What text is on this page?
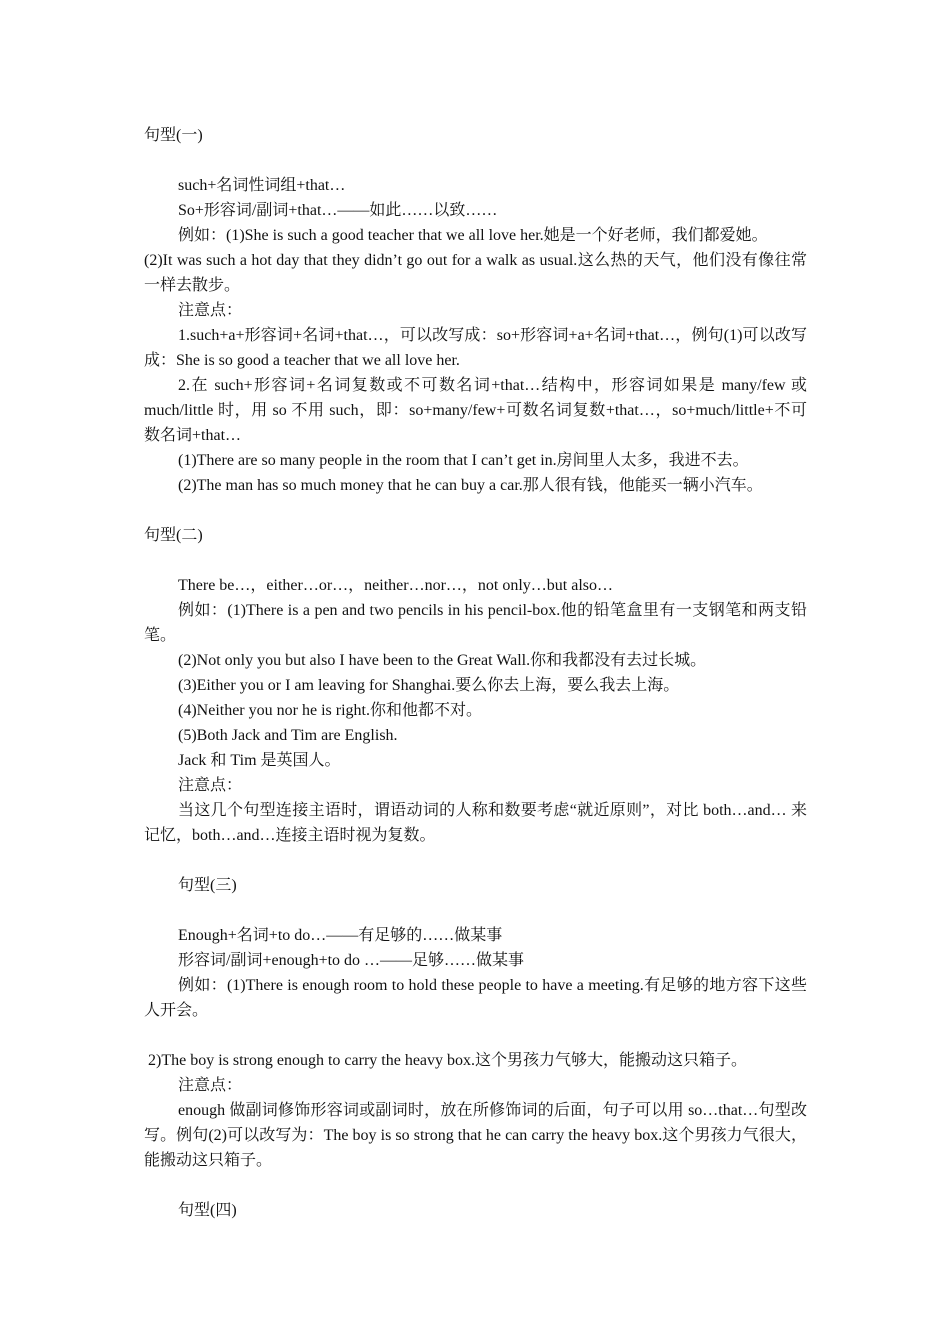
句型(一)

such+名词性词组+that…

So+形容词/副词+that…——如此……以致……

例如：(1)She is such a good teacher that we all love her.她是一个好老师，我们都爱她。

(2)It was such a hot day that they didn’t go out for a walk as usual.这么热的天气，他们没有像往常一样去散步。

注意点：

1.such+a+形容词+名词+that…，可以改写成：so+形容词+a+名词+that…，例句(1)可以改写成：She is so good a teacher that we all love her.

2.在 such+形容词+名词复数或不可数名词+that…结构中，形容词如果是 many/few 或 much/little 时，用 so 不用 such，即：so+many/few+可数名词复数+that…，so+much/little+不可数名词+that…

(1)There are so many people in the room that I can’t get in.房间里人太多，我进不去。

(2)The man has so much money that he can buy a car.那人很有钱，他能买一辆小汽车。

句型(二)

There be…，either…or…，neither…nor…，not only…but also…

例如：(1)There is a pen and two pencils in his pencil-box.他的铅笔盒里有一支钢笔和两支铅笔。

(2)Not only you but also I have been to the Great Wall.你和我都没有去过长城。

(3)Either you or I am leaving for Shanghai.要么你去上海，要么我去上海。

(4)Neither you nor he is right.你和他都不对。

(5)Both Jack and Tim are English.

Jack 和 Tim 是英国人。

注意点：

当这几个句型连接主语时，谓语动词的人称和数要考虑“就近原则”，对比 both…and… 来记忆，both…and…连接主语时视为复数。

句型(三)

Enough+名词+to do…——有足够的……做某事

形容词/副词+enough+to do …——足够……做某事

例如：(1)There is enough room to hold these people to have a meeting.有足够的地方容下这些人开会。

2)The boy is strong enough to carry the heavy box.这个男孩力气够大，能搬动这只箱子。

注意点：

enough 做副词修饰形容词或副词时，放在所修饰词的后面，句子可以用 so…that…句型改写。例句(2)可以改写为：The boy is so strong that he can carry the heavy box.这个男孩力气很大，能搬动这只箱子。

句型(四)
